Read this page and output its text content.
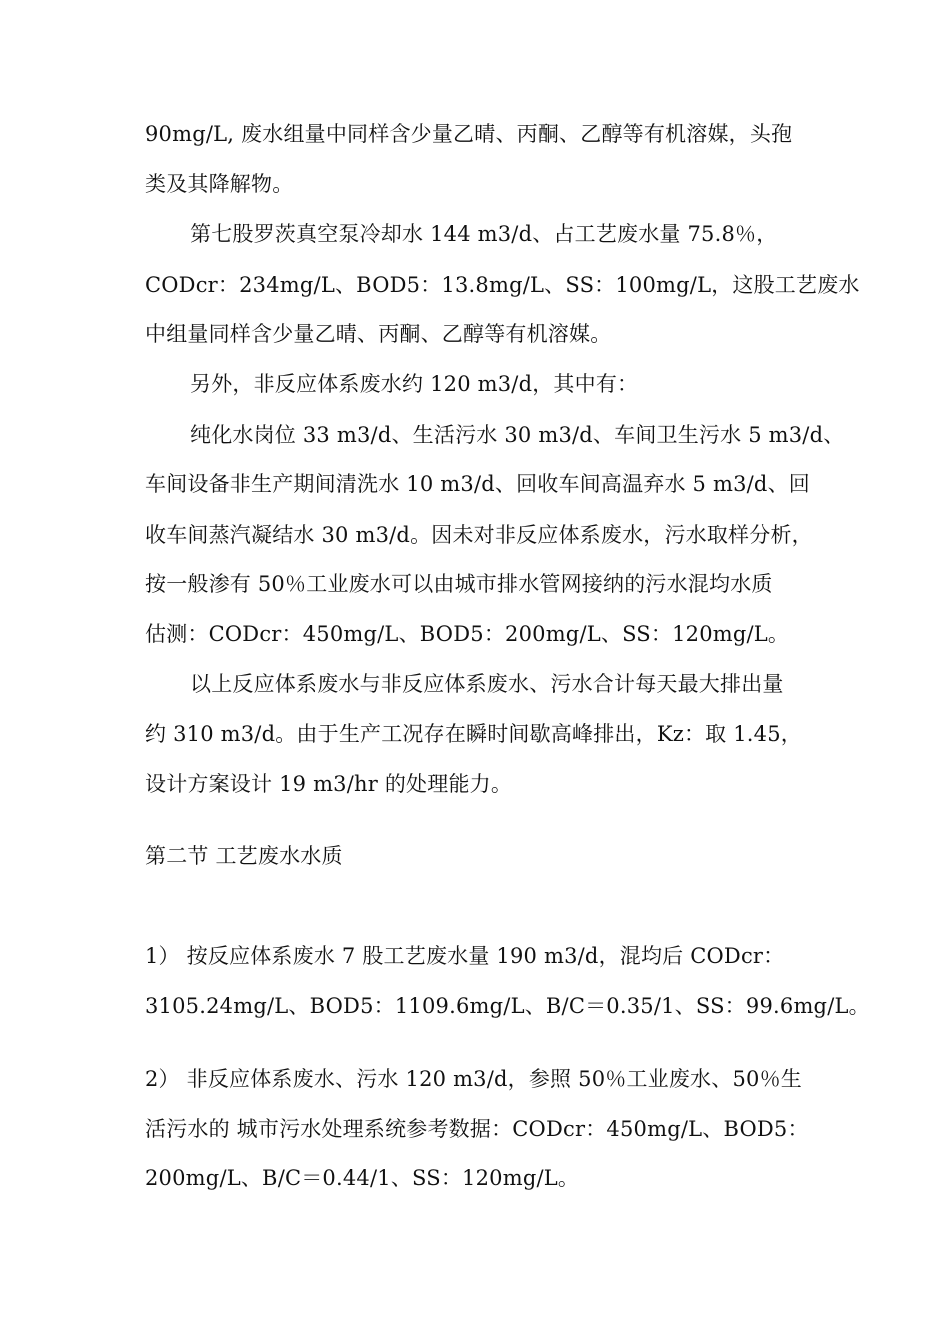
90mg/L, 废水组量中同样含少量乙晴、丙酮、乙醇等有机溶媒，头孢
类及其降解物。
第七股罗茨真空泵冷却水 144 m3/d、占工艺废水量 75.8％，
CODcr：234mg/L、BOD5：13.8mg/L、SS：100mg/L，这股工艺废水
中组量同样含少量乙晴、丙酮、乙醇等有机溶媒。
另外，非反应体系废水约 120 m3/d，其中有：
纯化水岗位 33 m3/d、生活污水 30 m3/d、车间卫生污水 5 m3/d、
车间设备非生产期间清洗水 10 m3/d、回收车间高温弃水 5 m3/d、回
收车间蒸汽凝结水 30 m3/d。因未对非反应体系废水，污水取样分析，
按一般渗有 50％工业废水可以由城市排水管网接纳的污水混均水质
估测：CODcr：450mg/L、BOD5：200mg/L、SS：120mg/L。
以上反应体系废水与非反应体系废水、污水合计每天最大排出量
约 310 m3/d。由于生产工况存在瞬时间歇高峰排出，Kz：取 1.45，
设计方案设计 19 m3/hr 的处理能力。
第二节 工艺废水水质
1） 按反应体系废水 7 股工艺废水量 190 m3/d，混均后 CODcr：
3105.24mg/L、BOD5：1109.6mg/L、B/C＝0.35/1、SS：99.6mg/L。
2） 非反应体系废水、污水 120 m3/d，参照 50％工业废水、50％生
活污水的 城市污水处理系统参考数据：CODcr：450mg/L、BOD5：
200mg/L、B/C＝0.44/1、SS：120mg/L。
